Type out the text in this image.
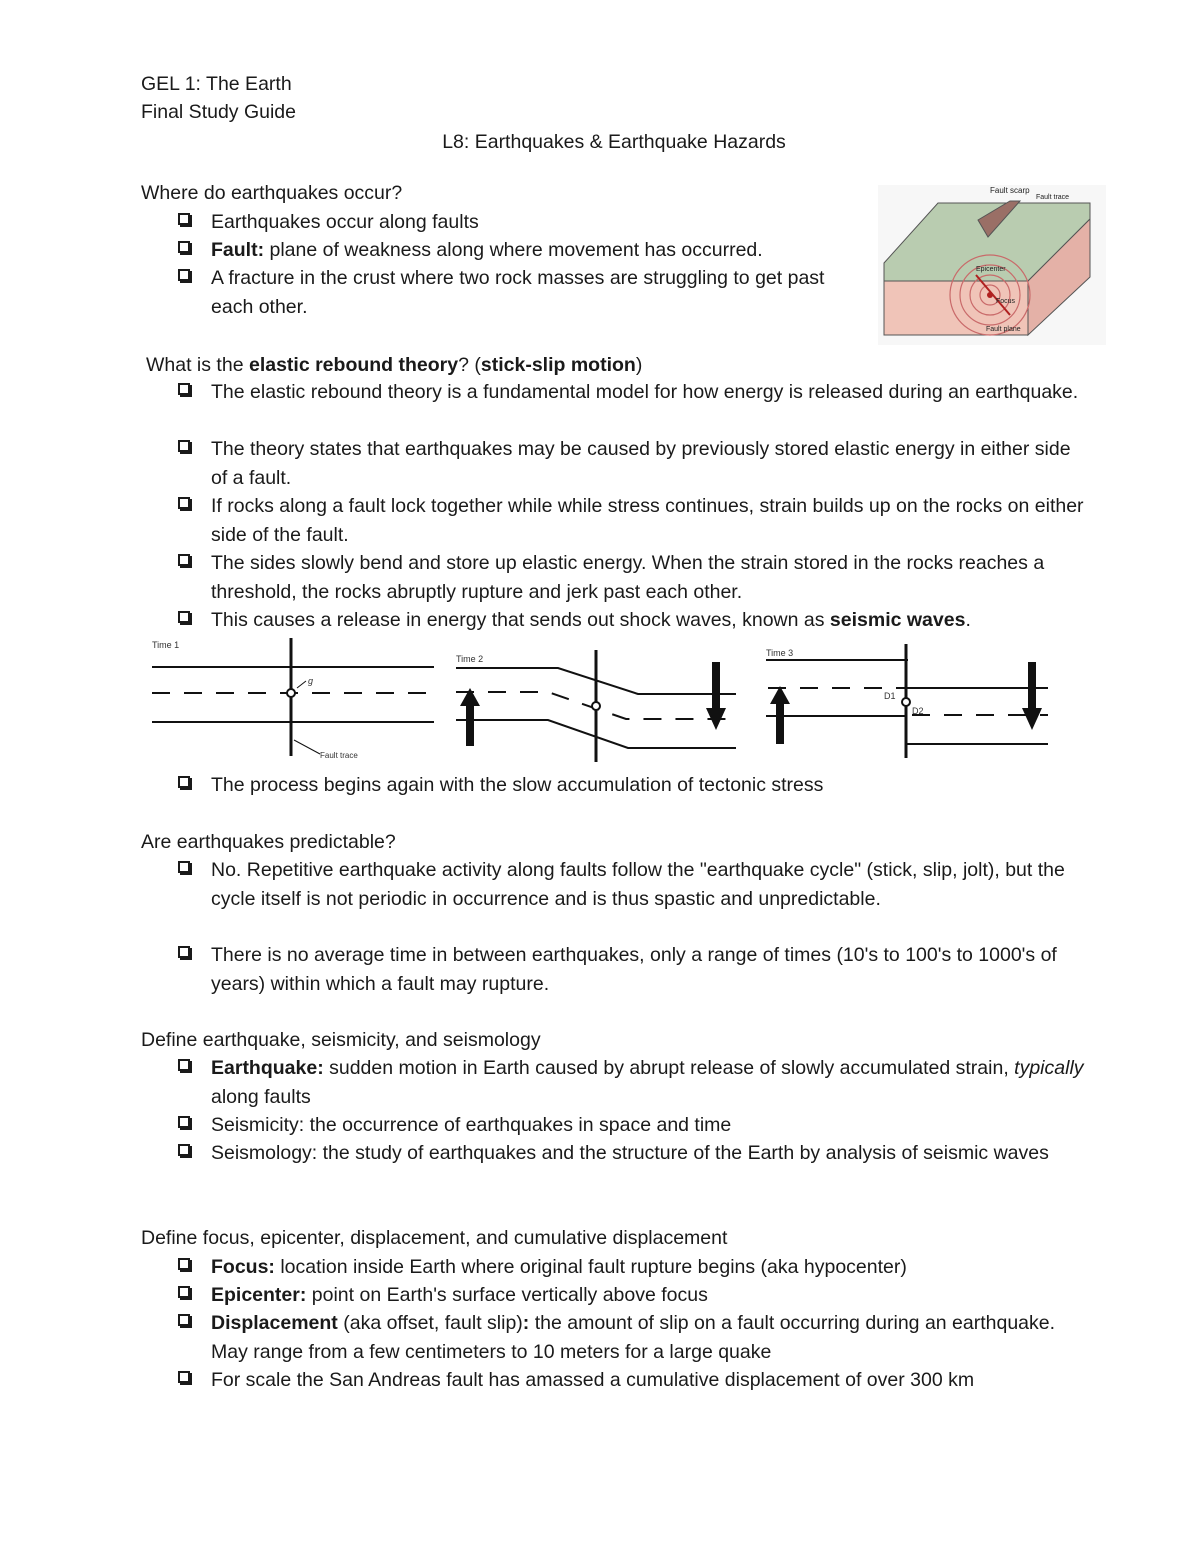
GEL 1: The Earth
Final Study Guide
L8: Earthquakes & Earthquake Hazards
Where do earthquakes occur?
Earthquakes occur along faults
Fault: plane of weakness along where movement has occurred.
A fracture in the crust where two rock masses are struggling to get past each other.
Fault scarp
Fault trace
Epicenter
Focus
Fault plane
What is the elastic rebound theory? (stick-slip motion)
The elastic rebound theory is a fundamental model for how energy is released during an earthquake.
The theory states that earthquakes may be caused by previously stored elastic energy in either side of a fault.
If rocks along a fault lock together while while stress continues, strain builds up on the rocks on either side of the fault.
The sides slowly bend and store up elastic energy. When the strain stored in the rocks reaches a threshold, the rocks abruptly rupture and jerk past each other.
This causes a release in energy that sends out shock waves, known as seismic waves.
Time 1
g
Fault trace
Time 2
Time 3
D1
D2
The process begins again with the slow accumulation of tectonic stress
Are earthquakes predictable?
No. Repetitive earthquake activity along faults follow the "earthquake cycle" (stick, slip, jolt), but the cycle itself is not periodic in occurrence and is thus spastic and unpredictable.
There is no average time in between earthquakes, only a range of times (10's to 100's to 1000's of years) within which a fault may rupture.
Define earthquake, seismicity, and seismology
Earthquake: sudden motion in Earth caused by abrupt release of slowly accumulated strain, typically along faults
Seismicity: the occurrence of earthquakes in space and time
Seismology: the study of earthquakes and the structure of the Earth by analysis of seismic waves
Define focus, epicenter, displacement, and cumulative displacement
Focus: location inside Earth where original fault rupture begins (aka hypocenter)
Epicenter: point on Earth's surface vertically above focus
Displacement (aka offset, fault slip): the amount of slip on a fault occurring during an earthquake. May range from a few centimeters to 10 meters for a large quake
For scale the San Andreas fault has amassed a cumulative displacement of over 300 km
